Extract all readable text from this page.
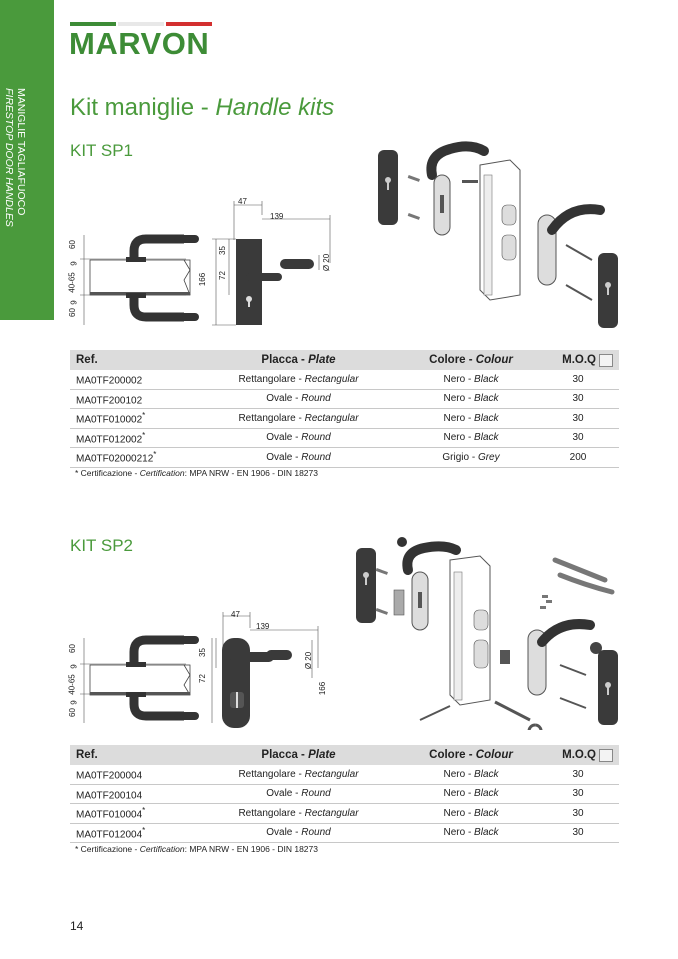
MANIGLIE TAGLIAFUOCO
FIRESTOP DOOR HANDLES
MARVON
Kit maniglie - Handle kits
KIT SP1
47
139
35
72
166
Ø 20
60
9
40-65
9
60
Ref.	Placca - Plate	Colore - Colour	M.O.Q

MA0TF200002	Rettangolare - Rectangular	Nero - Black	30
MA0TF200102	Ovale - Round	Nero - Black	30
MA0TF010002*	Rettangolare - Rectangular	Nero - Black	30
MA0TF012002*	Ovale - Round	Nero - Black	30
MA0TF02000212*	Ovale - Round	Grigio - Grey	200
* Certificazione - Certification: MPA NRW - EN 1906 - DIN 18273
KIT SP2
47
139
35
72
166
Ø 20
60
9
40-65
9
60
Ref.	Placca - Plate	Colore - Colour	M.O.Q

MA0TF200004	Rettangolare - Rectangular	Nero - Black	30
MA0TF200104	Ovale - Round	Nero - Black	30
MA0TF010004*	Rettangolare - Rectangular	Nero - Black	30
MA0TF012004*	Ovale - Round	Nero - Black	30
* Certificazione - Certification: MPA NRW - EN 1906 - DIN 18273
14
